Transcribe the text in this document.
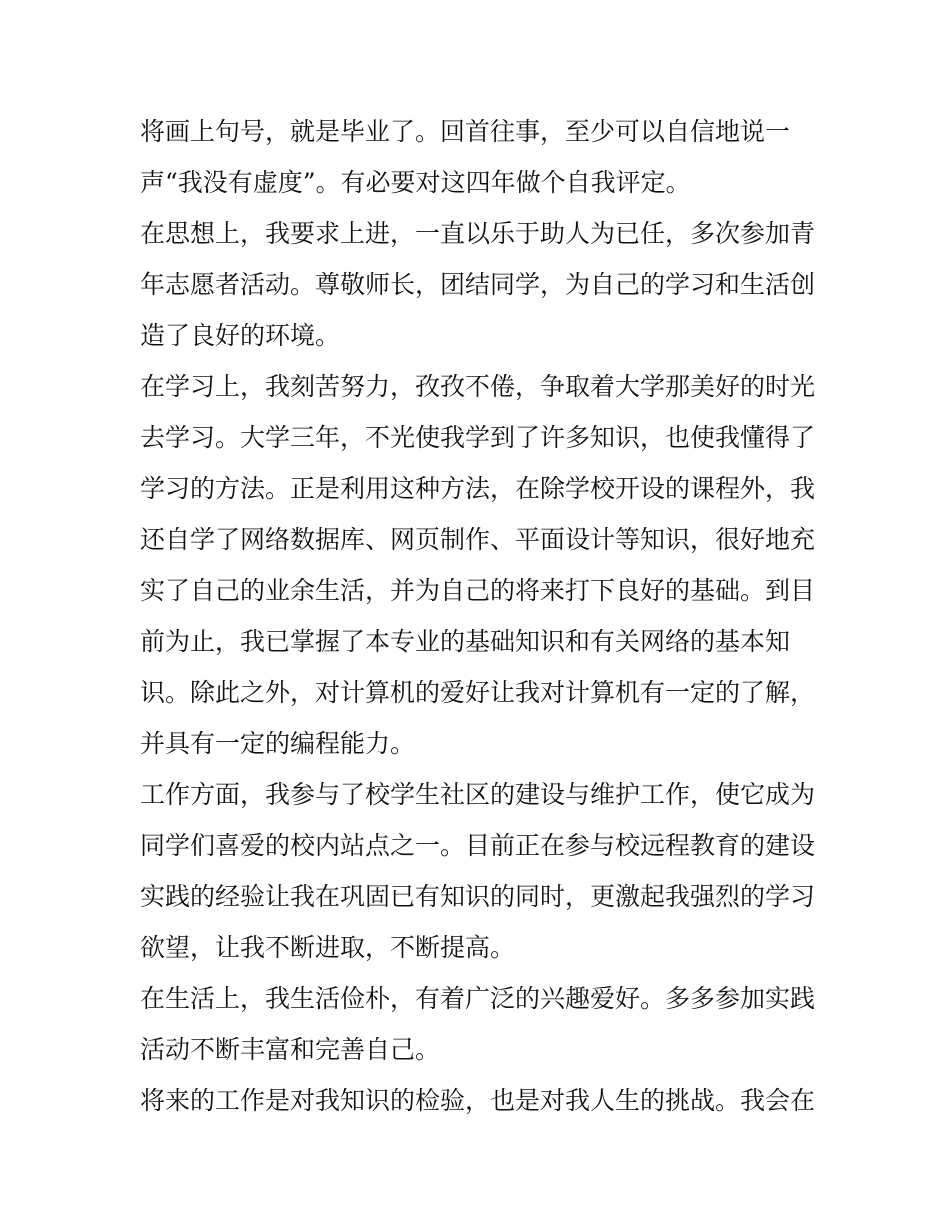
将画上句号，就是毕业了。回首往事，至少可以自信地说一
声“我没有虚度”。有必要对这四年做个自我评定。
在思想上，我要求上进，一直以乐于助人为已任，多次参加青
年志愿者活动。尊敬师长，团结同学，为自己的学习和生活创
造了良好的环境。
在学习上，我刻苦努力，孜孜不倦，争取着大学那美好的时光
去学习。大学三年，不光使我学到了许多知识，也使我懂得了
学习的方法。正是利用这种方法，在除学校开设的课程外，我
还自学了网络数据库、网页制作、平面设计等知识，很好地充
实了自己的业余生活，并为自己的将来打下良好的基础。到目
前为止，我已掌握了本专业的基础知识和有关网络的基本知
识。除此之外，对计算机的爱好让我对计算机有一定的了解，
并具有一定的编程能力。
工作方面，我参与了校学生社区的建设与维护工作，使它成为
同学们喜爱的校内站点之一。目前正在参与校远程教育的建设
实践的经验让我在巩固已有知识的同时，更激起我强烈的学习
欲望，让我不断进取，不断提高。
在生活上，我生活俭朴，有着广泛的兴趣爱好。多多参加实践
活动不断丰富和完善自己。
将来的工作是对我知识的检验，也是对我人生的挑战。我会在
